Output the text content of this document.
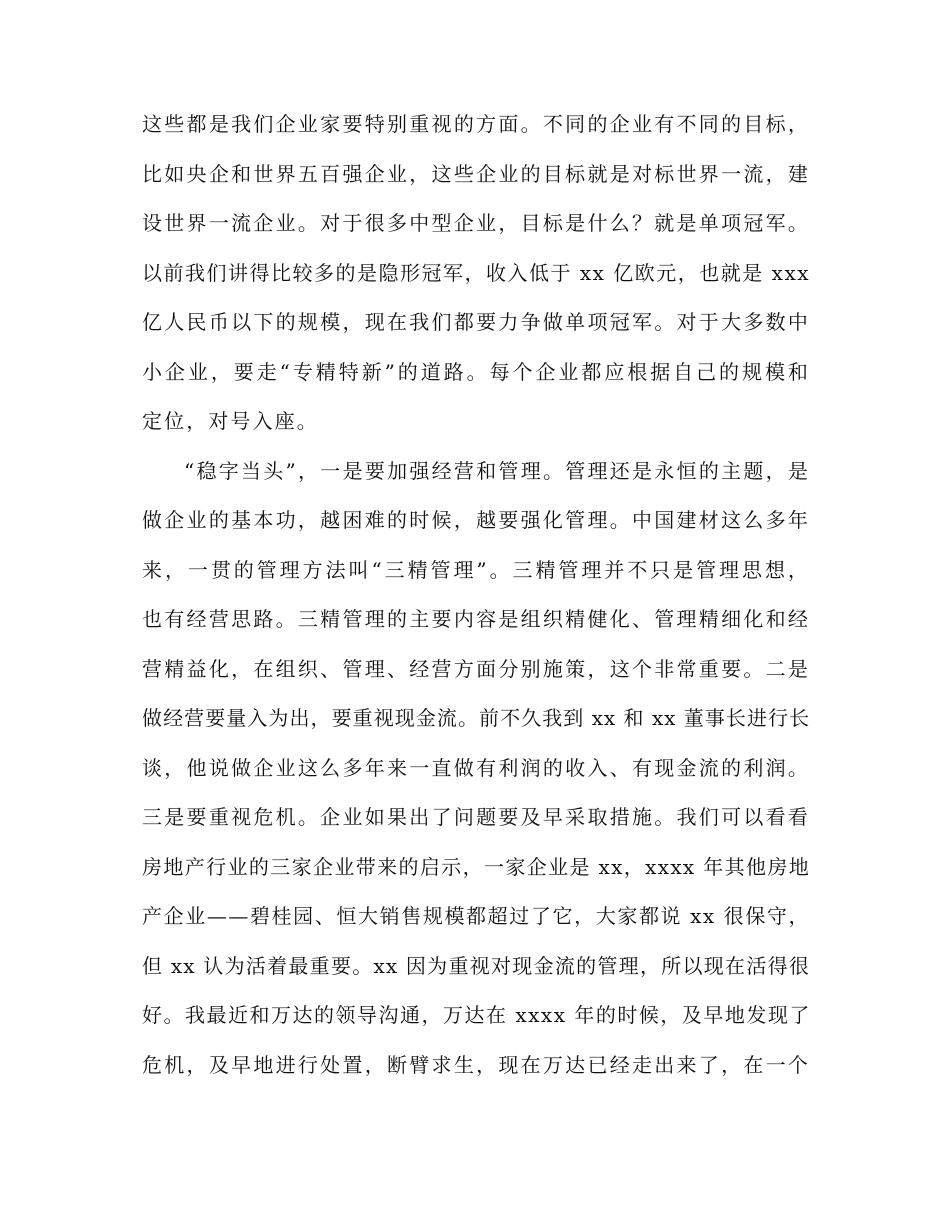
这些都是我们企业家要特别重视的方面。不同的企业有不同的目标，
比如央企和世界五百强企业，这些企业的目标就是对标世界一流，建
设世界一流企业。对于很多中型企业，目标是什么？就是单项冠军。
以前我们讲得比较多的是隐形冠军，收入低于 xx 亿欧元，也就是 xxx
亿人民币以下的规模，现在我们都要力争做单项冠军。对于大多数中
小企业，要走“专精特新”的道路。每个企业都应根据自己的规模和
定位，对号入座。
“稳字当头”，一是要加强经营和管理。管理还是永恒的主题，是
做企业的基本功，越困难的时候，越要强化管理。中国建材这么多年
来，一贯的管理方法叫“三精管理”。三精管理并不只是管理思想，
也有经营思路。三精管理的主要内容是组织精健化、管理精细化和经
营精益化，在组织、管理、经营方面分别施策，这个非常重要。二是
做经营要量入为出，要重视现金流。前不久我到 xx 和 xx 董事长进行长
谈，他说做企业这么多年来一直做有利润的收入、有现金流的利润。
三是要重视危机。企业如果出了问题要及早采取措施。我们可以看看
房地产行业的三家企业带来的启示，一家企业是 xx，xxxx 年其他房地
产企业——碧桂园、恒大销售规模都超过了它，大家都说 xx 很保守，
但 xx 认为活着最重要。xx 因为重视对现金流的管理，所以现在活得很
好。我最近和万达的领导沟通，万达在 xxxx 年的时候，及早地发现了
危机，及早地进行处置，断臂求生，现在万达已经走出来了，在一个
